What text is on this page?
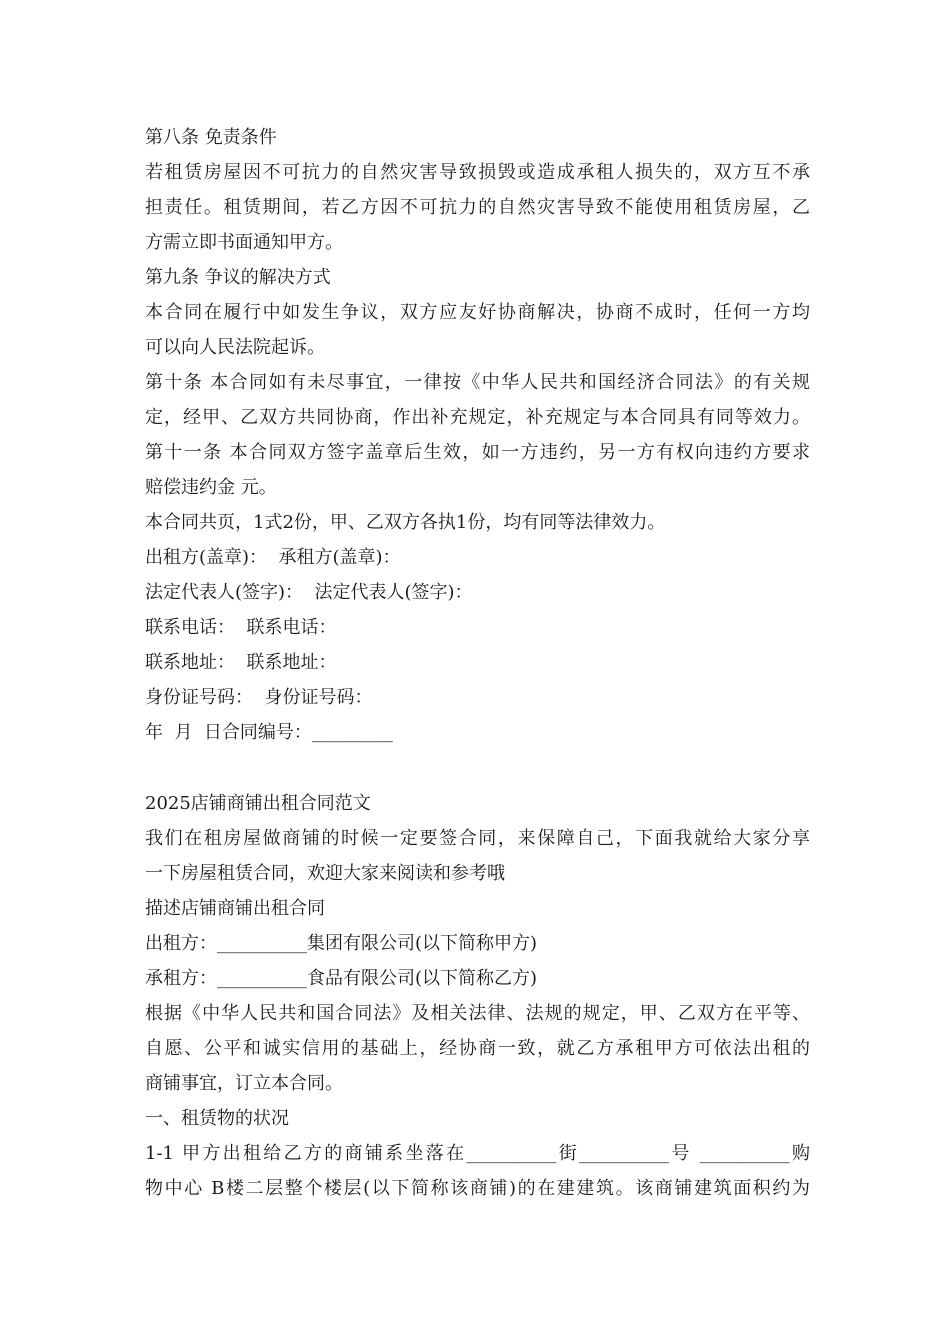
第八条 免责条件
若租赁房屋因不可抗力的自然灾害导致损毁或造成承租人损失的，双方互不承
担责任。租赁期间，若乙方因不可抗力的自然灾害导致不能使用租赁房屋，乙
方需立即书面通知甲方。
第九条 争议的解决方式
本合同在履行中如发生争议，双方应友好协商解决，协商不成时，任何一方均
可以向人民法院起诉。
第十条 本合同如有未尽事宜，一律按《中华人民共和国经济合同法》的有关规
定，经甲、乙双方共同协商，作出补充规定，补充规定与本合同具有同等效力。
第十一条 本合同双方签字盖章后生效，如一方违约，另一方有权向违约方要求
赔偿违约金 元。
本合同共页，1式2份，甲、乙双方各执1份，均有同等法律效力。
出租方(盖章)：  承租方(盖章)：
法定代表人(签字)：  法定代表人(签字)：
联系电话：  联系电话：
联系地址：  联系地址：
身份证号码：  身份证号码：
年  月  日合同编号：_________
2025店铺商铺出租合同范文
我们在租房屋做商铺的时候一定要签合同，来保障自己，下面我就给大家分享
一下房屋租赁合同，欢迎大家来阅读和参考哦
描述店铺商铺出租合同
出租方：__________集团有限公司(以下简称甲方)
承租方：__________食品有限公司(以下简称乙方)
根据《中华人民共和国合同法》及相关法律、法规的规定，甲、乙双方在平等、
自愿、公平和诚实信用的基础上，经协商一致，就乙方承租甲方可依法出租的
商铺事宜，订立本合同。
一、租赁物的状况
1-1 甲方出租给乙方的商铺系坐落在__________街__________号 __________购
物中心 B楼二层整个楼层(以下简称该商铺)的在建建筑。该商铺建筑面积约为
